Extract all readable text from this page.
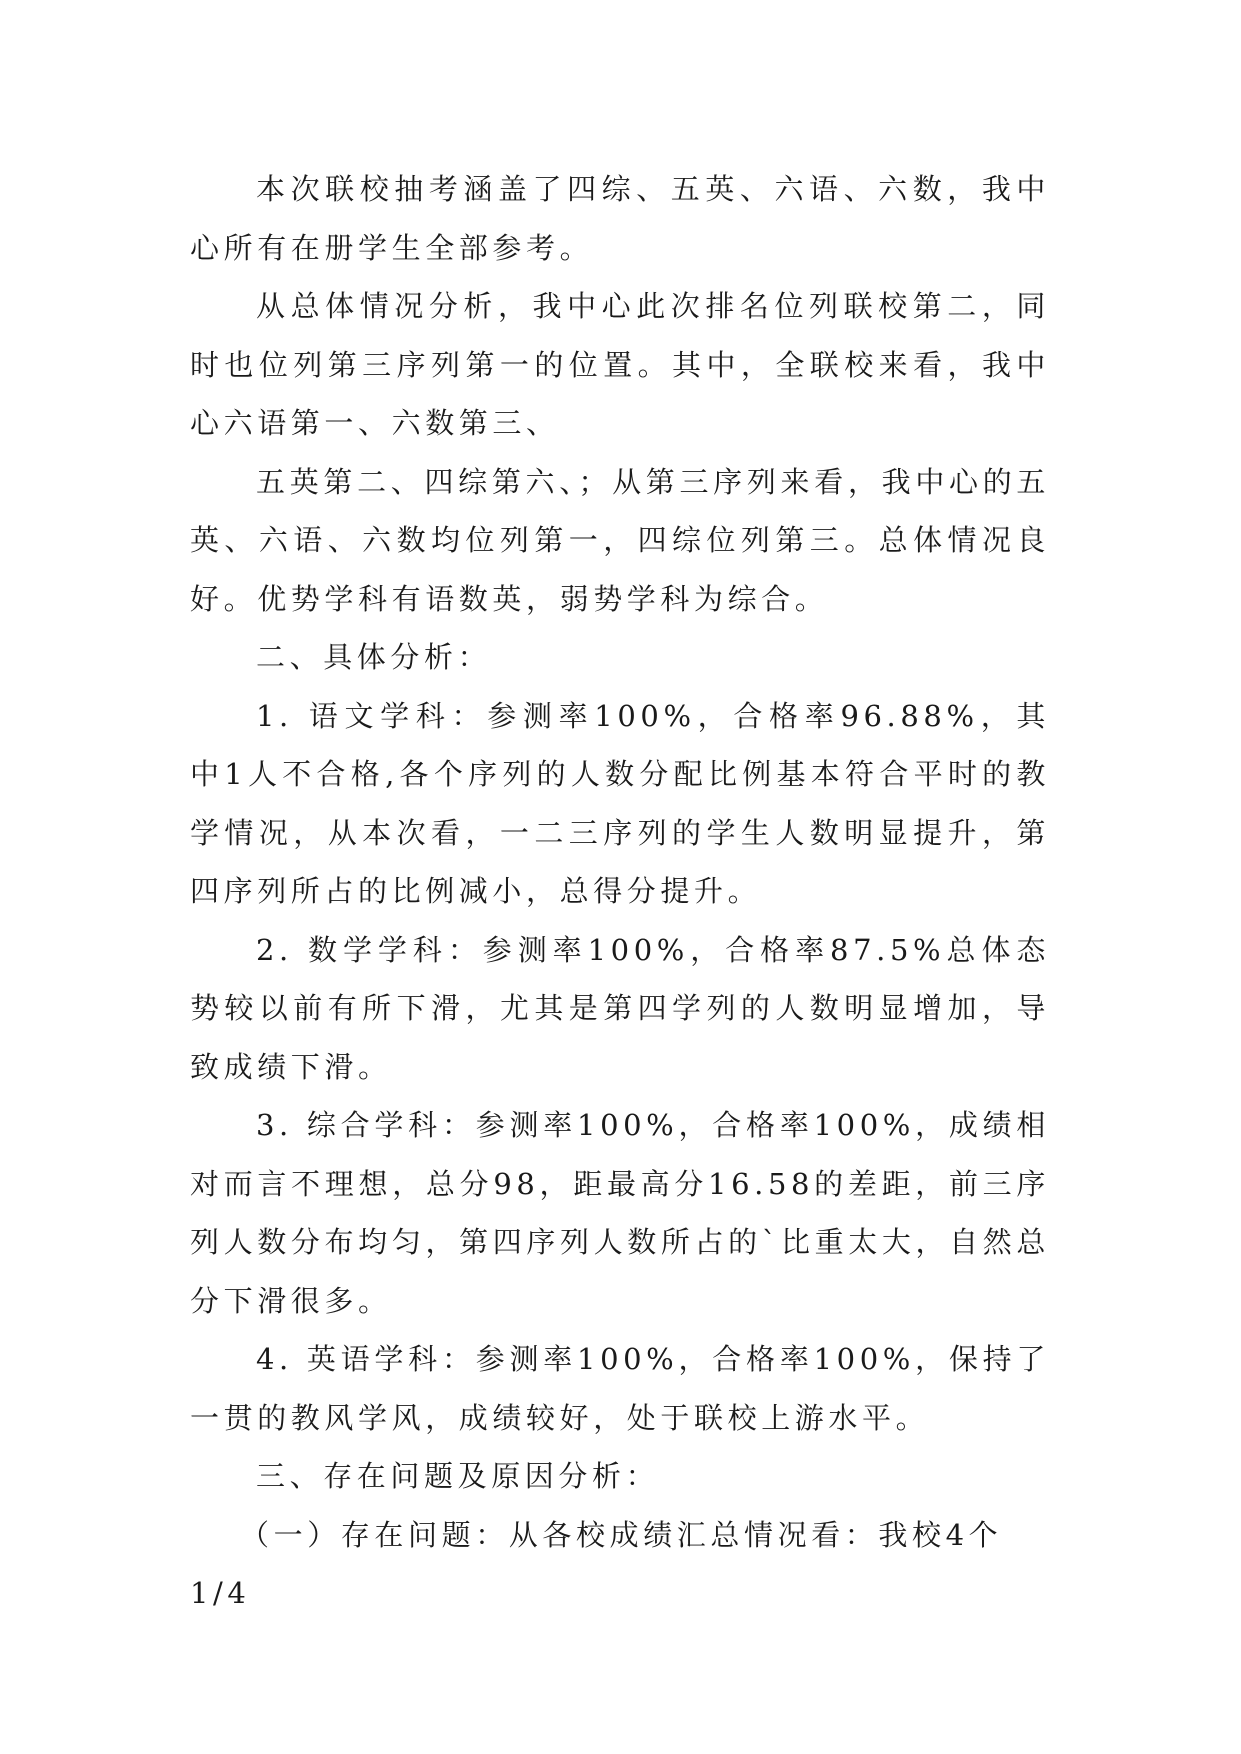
本次联校抽考涵盖了四综、五英、六语、六数，我中心所有在册学生全部参考。

从总体情况分析，我中心此次排名位列联校第二，同时也位列第三序列第一的位置。其中，全联校来看，我中心六语第一、六数第三、

五英第二、四综第六、；从第三序列来看，我中心的五英、六语、六数均位列第一，四综位列第三。总体情况良好。优势学科有语数英，弱势学科为综合。

二、具体分析：

1. 语文学科：参测率100%，合格率96.88%，其中1人不合格,各个序列的人数分配比例基本符合平时的教学情况，从本次看，一二三序列的学生人数明显提升，第四序列所占的比例减小，总得分提升。

2. 数学学科：参测率100%，合格率87.5%总体态势较以前有所下滑，尤其是第四学列的人数明显增加，导致成绩下滑。

3. 综合学科：参测率100%，合格率100%，成绩相对而言不理想，总分98，距最高分16.58的差距，前三序列人数分布均匀，第四序列人数所占的`比重太大，自然总分下滑很多。

4. 英语学科：参测率100%，合格率100%，保持了一贯的教风学风，成绩较好，处于联校上游水平。

三、存在问题及原因分析：

（一）存在问题：从各校成绩汇总情况看：我校4个1/4
